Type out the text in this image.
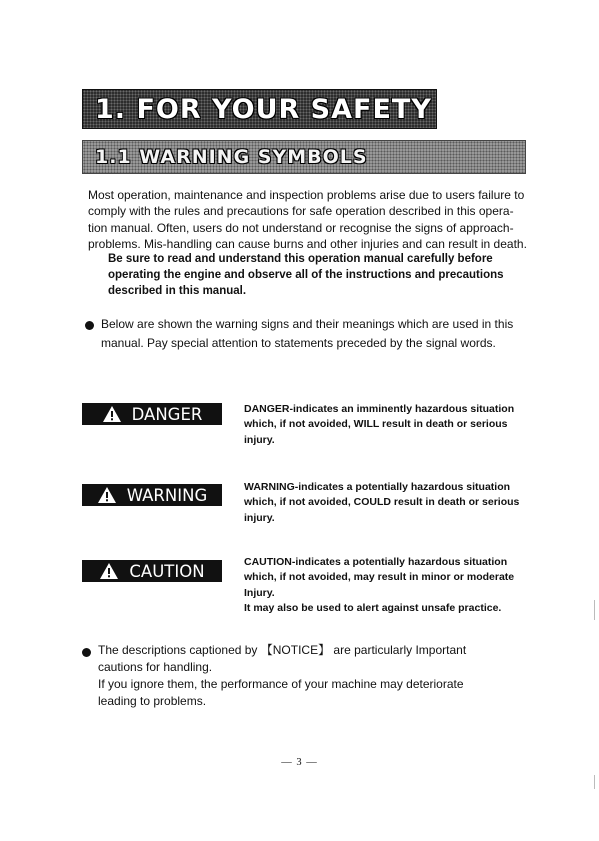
1. FOR YOUR SAFETY
1.1 WARNING SYMBOLS
Most operation, maintenance and inspection problems arise due to users failure to
comply with the rules and precautions for safe operation described in this opera-
tion manual. Often, users do not understand or recognise the signs of approach-
problems. Mis-handling can cause burns and other injuries and can result in death.
Be sure to read and understand this operation manual carefully before
operating the engine and observe all of the instructions and precautions
described in this manual.
Below are shown the warning signs and their meanings which are used in this
manual. Pay special attention to statements preceded by the signal words.
DANGER	DANGER-indicates an imminently hazardous situation
which, if not avoided, WILL result in death or serious
injury.
WARNING	WARNING-indicates a potentially hazardous situation
which, if not avoided, COULD result in death or serious
injury.
CAUTION	CAUTION-indicates a potentially hazardous situation
which, if not avoided, may result in minor or moderate
Injury.
It may also be used to alert against unsafe practice.
The descriptions captioned by 【NOTICE】 are particularly Important
cautions for handling.
If you ignore them, the performance of your machine may deteriorate
leading to problems.
— 3 —
